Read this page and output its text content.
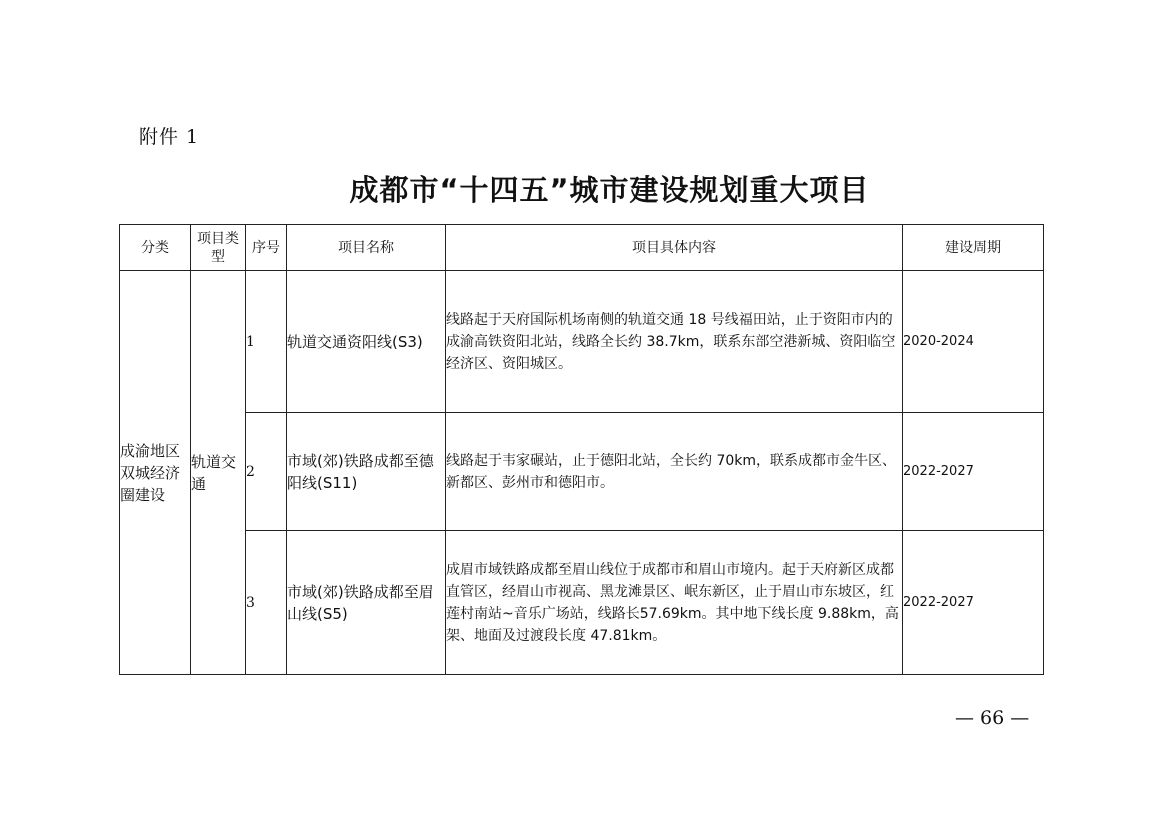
附件 1
成都市“十四五”城市建设规划重大项目
分类	项目类型	序号	项目名称	项目具体内容	建设周期
成渝地区双城经济圈建设	轨道交通	1	轨道交通资阳线(S3)	线路起于天府国际机场南侧的轨道交通 18 号线福田站，止于资阳市内的成渝高铁资阳北站，线路全长约 38.7km，联系东部空港新城、资阳临空经济区、资阳城区。	2020-2024
		2	市域(郊)铁路成都至德阳线(S11)	线路起于韦家碾站，止于德阳北站，全长约 70km，联系成都市金牛区、新都区、彭州市和德阳市。	2022-2027
		3	市域(郊)铁路成都至眉山线(S5)	成眉市域铁路成都至眉山线位于成都市和眉山市境内。起于天府新区成都直管区，经眉山市视高、黑龙滩景区、岷东新区，止于眉山市东坡区，红莲村南站~音乐广场站，线路长57.69km。其中地下线长度 9.88km，高架、地面及过渡段长度 47.81km。	2022-2027
— 66 —
